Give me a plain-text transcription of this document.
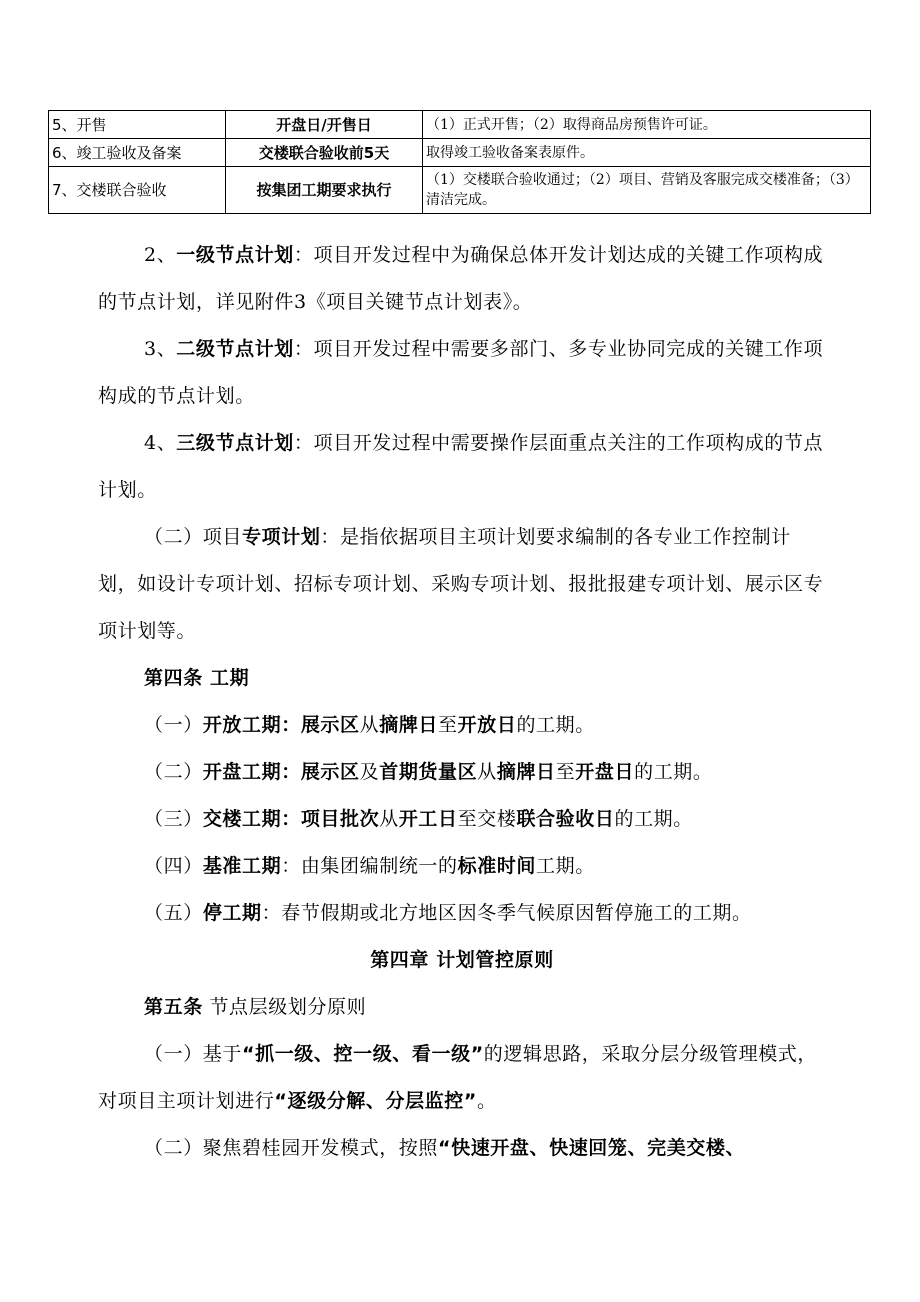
5、开售	开盘日/开售日	（1）正式开售；（2）取得商品房预售许可证。
6、竣工验收及备案	交楼联合验收前5天	取得竣工验收备案表原件。
7、交楼联合验收	按集团工期要求执行	（1）交楼联合验收通过；（2）项目、营销及客服完成交楼准备；（3）清洁完成。

2、一级节点计划：项目开发过程中为确保总体开发计划达成的关键工作项构成的节点计划，详见附件3《项目关键节点计划表》。

3、二级节点计划：项目开发过程中需要多部门、多专业协同完成的关键工作项构成的节点计划。

4、三级节点计划：项目开发过程中需要操作层面重点关注的工作项构成的节点计划。

（二）项目专项计划：是指依据项目主项计划要求编制的各专业工作控制计划，如设计专项计划、招标专项计划、采购专项计划、报批报建专项计划、展示区专项计划等。

第四条 工期

（一）开放工期：展示区从摘牌日至开放日的工期。

（二）开盘工期：展示区及首期货量区从摘牌日至开盘日的工期。

（三）交楼工期：项目批次从开工日至交楼联合验收日的工期。

（四）基准工期：由集团编制统一的标准时间工期。

（五）停工期：春节假期或北方地区因冬季气候原因暂停施工的工期。

第四章 计划管控原则

第五条 节点层级划分原则

（一）基于“抓一级、控一级、看一级”的逻辑思路，采取分层分级管理模式，对项目主项计划进行“逐级分解、分层监控”。

（二）聚焦碧桂园开发模式，按照“快速开盘、快速回笼、完美交楼、
